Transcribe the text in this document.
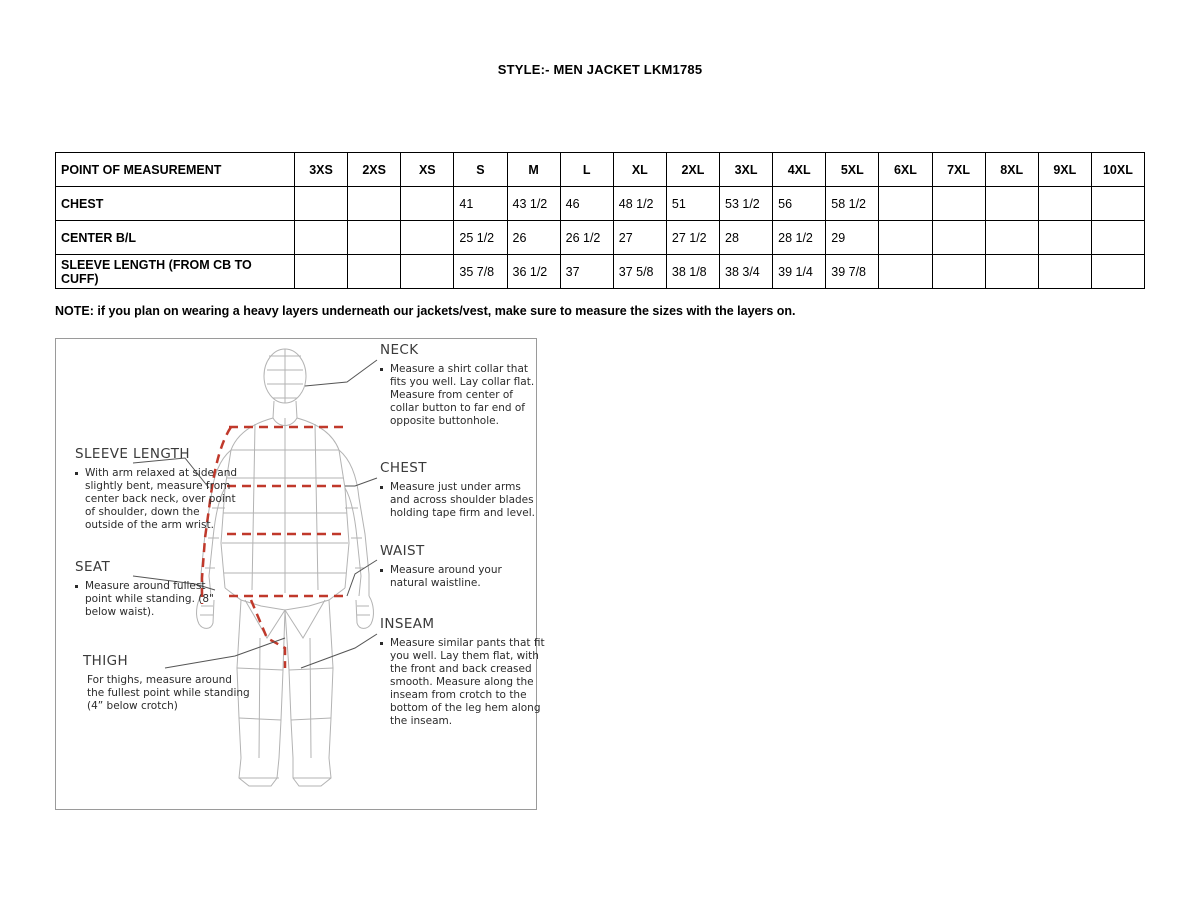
STYLE:- MEN JACKET LKM1785
POINT OF MEASUREMENT	3XS	2XS	XS	S	M	L	XL	2XL	3XL	4XL	5XL	6XL	7XL	8XL	9XL	10XL
CHEST				41	43 1/2	46	48 1/2	51	53 1/2	56	58 1/2					
CENTER B/L				25 1/2	26	26 1/2	27	27 1/2	28	28 1/2	29					
SLEEVE LENGTH (FROM CB TO CUFF)				35 7/8	36 1/2	37	37 5/8	38 1/8	38 3/4	39 1/4	39 7/8					
NOTE: if you plan on wearing a heavy layers underneath our jackets/vest, make sure to measure the sizes with the layers on.
NECK
Measure a shirt collar that fits you well. Lay collar flat. Measure from center of collar button to far end of opposite buttonhole.
CHEST
Measure just under arms and across shoulder blades holding tape firm and level.
WAIST
Measure around your natural waistline.
INSEAM
Measure similar pants that fit you well. Lay them flat, with the front and back creased smooth. Measure along the inseam from crotch to the bottom of the leg hem along the inseam.
SLEEVE LENGTH
With arm relaxed at side and slightly bent, measure from center back neck, over point of shoulder, down the outside of the arm wrist.
SEAT
Measure around fullest point while standing. (8" below waist).
THIGH
For thighs, measure around the fullest point while standing (4” below crotch)
